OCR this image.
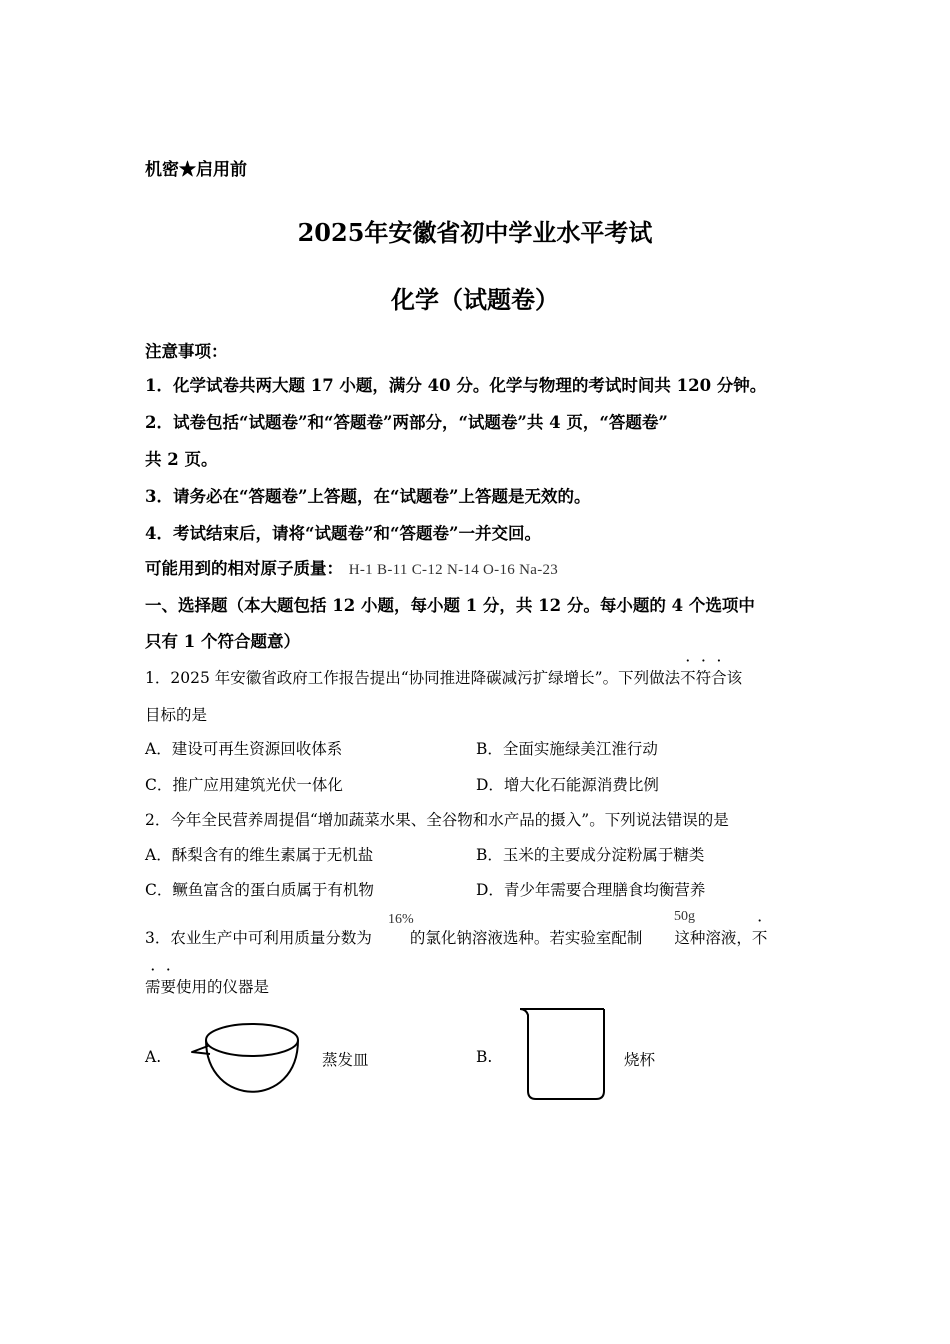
机密★启用前
2025年安徽省初中学业水平考试
化学（试题卷）
注意事项：
1．化学试卷共两大题 17 小题，满分 40 分。化学与物理的考试时间共 120 分钟。
2．试卷包括“试题卷”和“答题卷”两部分，“试题卷”共 4 页，“答题卷”
共 2 页。
3．请务必在“答题卷”上答题，在“试题卷”上答题是无效的。
4．考试结束后，请将“试题卷”和“答题卷”一并交回。
可能用到的相对原子质量： H-1 B-11 C-12 N-14 O-16 Na-23
一、选择题（本大题包括 12 小题，每小题 1 分，共 12 分。每小题的 4 个选项中
只有 1 个符合题意）
1．2025 年安徽省政府工作报告提出“协同推进降碳减污扩绿增长”。下列做法不符合该
目标的是
A．建设可再生资源回收体系	B．全面实施绿美江淮行动
C．推广应用建筑光伏一体化	D．增大化石能源消费比例
2．今年全民营养周提倡“增加蔬菜水果、全谷物和水产品的摄入”。下列说法错误的是
A．酥梨含有的维生素属于无机盐	B．玉米的主要成分淀粉属于糖类
C．鳜鱼富含的蛋白质属于有机物	D．青少年需要合理膳食均衡营养
3．农业生产中可利用质量分数为 的氯化钠溶液选种。若实验室配制 这种溶液，不
16%	50g
需要使用的仪器是
A.	蒸发皿	B.	烧杯
